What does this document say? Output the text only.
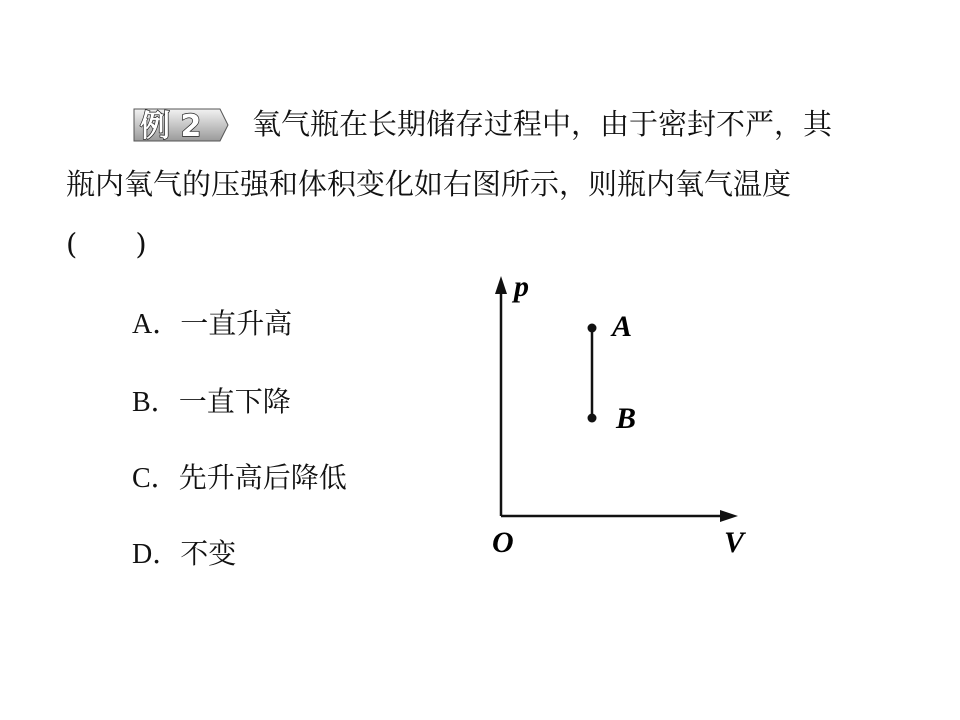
例 2 氧气瓶在长期储存过程中，由于密封不严，其
瓶内氧气的压强和体积变化如右图所示，则瓶内氧气温度
(　　)
A．一直升高
B．一直下降
C．先升高后降低
D．不变
p
V
O
A
B
